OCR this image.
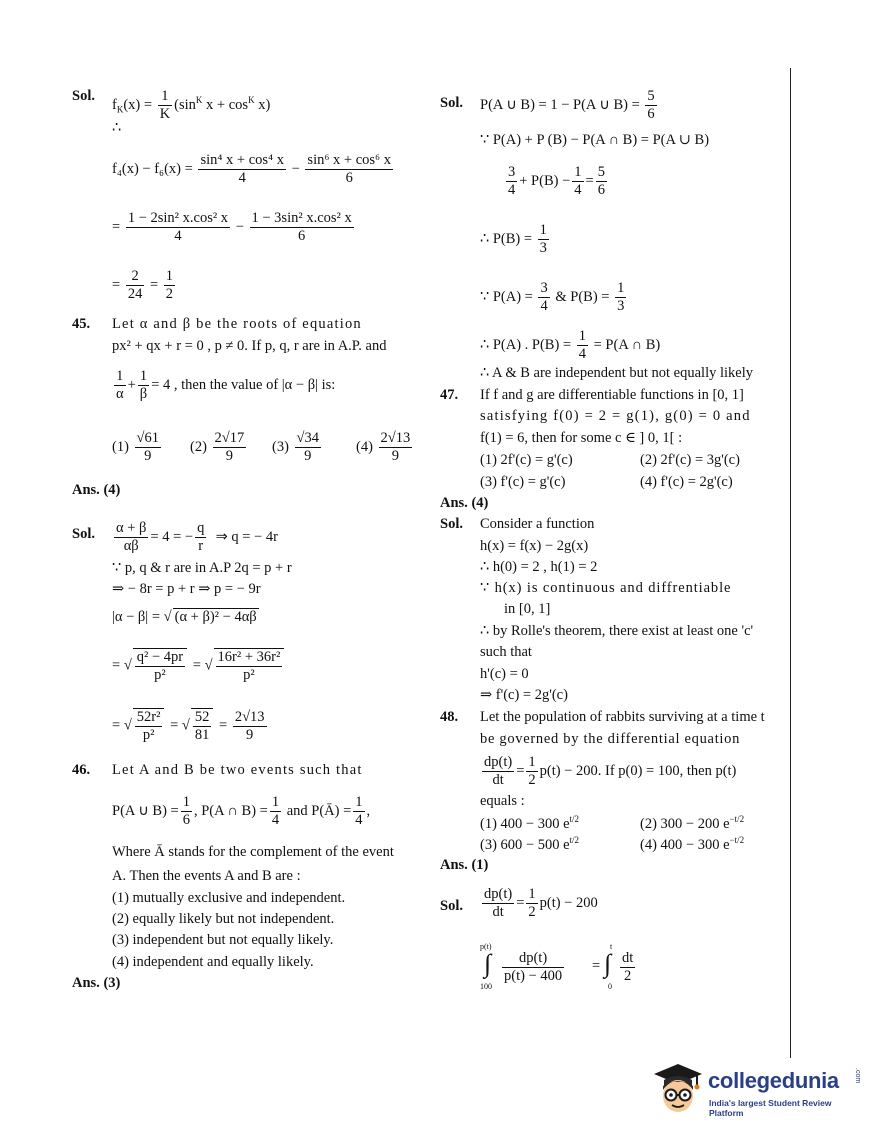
Sol.
$f_K(x) = \frac{1}{K} (\sin^K$ $x + \cos^K x$)
∴
$f_4(x) - f_6(x) = \frac{\text{sin⁴ x + cos⁴ x}}{4} - \frac{\text{sin⁶ x + cos⁶ x}}{6}$
= $\frac{\text{1 − 2sin² x.cos² x}}{4} - \frac{\text{1 − 3sin² x.cos² x}}{6}$
= $\frac{2}{24} = \frac{1}{2}$
45. Let α and β be the roots of equation
px² + qx + r = 0 , p ≠ 0. If p, q, r are in A.P. and
$\frac{1}{\alpha} + \frac{1}{\beta} = 4$ , then the value of |α − β| is:
$(1) \frac{√61}{9} (2) \frac{2√17}{9} (3) \frac{√34}{9} (4) \frac{2√13}{9}$
Ans. (4)
Sol. $\frac{\alpha + \beta}{\alpha\beta} = 4$ = − $\frac{q}{r}$ ⇒ q = − 4r
∵ p, q & r are in A.P 2q = p + r
⇒ − 8r = p + r ⇒ p = − 9r
|α − β| = √ (α + β)² − 4αβ
= √ $\frac{\text{q² − 4pr}}{\text{p²}}$ = √ $\frac{\text{16r² + 36r²}}{\text{p²}}$
= √ $\frac{\text{52r²}}{\text{p²}}$ = √ $\frac{52}{81} = \frac{2√13}{9}$
46. Let A and B be two events such that
P(A ∪ $B) = \frac{1}{6}$ , P(A ∩ $B) = \frac{1}{4}$ and P(Ā) = $\frac{1}{4}$ ,
Where Ā stands for the complement of the event
A. Then the events A and B are :
(1) mutually exclusive and independent.
(2) equally likely but not independent.
(3) independent but not equally likely.
(4) independent and equally likely.
Ans. (3)
Sol. P(A ∪ B) = 1 − P(A ∪ $B) = \frac{5}{6}$
∵ P(A) + P (B) − P(A ∩ B) = P(A ∪ B)
$\frac{3}{4} + P(B) - \frac{1}{4} = \frac{5}{6}$
∴ $P(B) = \frac{1}{3}$
∵ $P(A) = \frac{3}{4}$ & $P(B) = \frac{1}{3}$
∴ P(A) . $P(B) = \frac{1}{4} = P(A$ ∩ B)
∴ A & B are independent but not equally likely
47. If f and g are differentiable functions in [0, 1]
satisfying f(0) = 2 = g(1), g(0) = 0 and
f(1) = 6, then for some c ∈ ] 0, 1[ :
(1) 2f'(c) = g'(c)	(2) 2f'(c) = 3g'(c)
(3) f'(c) = g'(c)	(4) f'(c) = 2g'(c)
Ans. (4)
Sol. Consider a function
h(x) = f(x) − 2g(x)
∴ h(0) = 2 , h(1) = 2
∵ h(x) is continuous and diffrentiable
in [0, 1]
∴ by Rolle's theorem, there exist at least one 'c'
such that
h'(c) = 0
⇒ f'(c) = 2g'(c)
48. Let the population of rabbits surviving at a time t
be governed by the differential equation
$\frac{dp(t)}{dt} = \frac{1}{2} p(t) - 200$. If p(0) = 100, then p(t)
equals :
(1) 400 − 300 $e^{t/2}$	(2) 300 − 200 $e^{-t/2}$
(3) 600 − 500 $e^{t/2}$	(4) 400 − 300 $e^{-t/2}$
Ans. (1)
Sol. $\frac{dp(t)}{dt} = \frac{1}{2} p(t) - 200$
p(t)
∫
100
$\frac{dp(t)}{p(t) - 400}$ =
t
∫
0
$\frac{dt}{2}$
collegedunia .com
India's largest Student Review Platform
